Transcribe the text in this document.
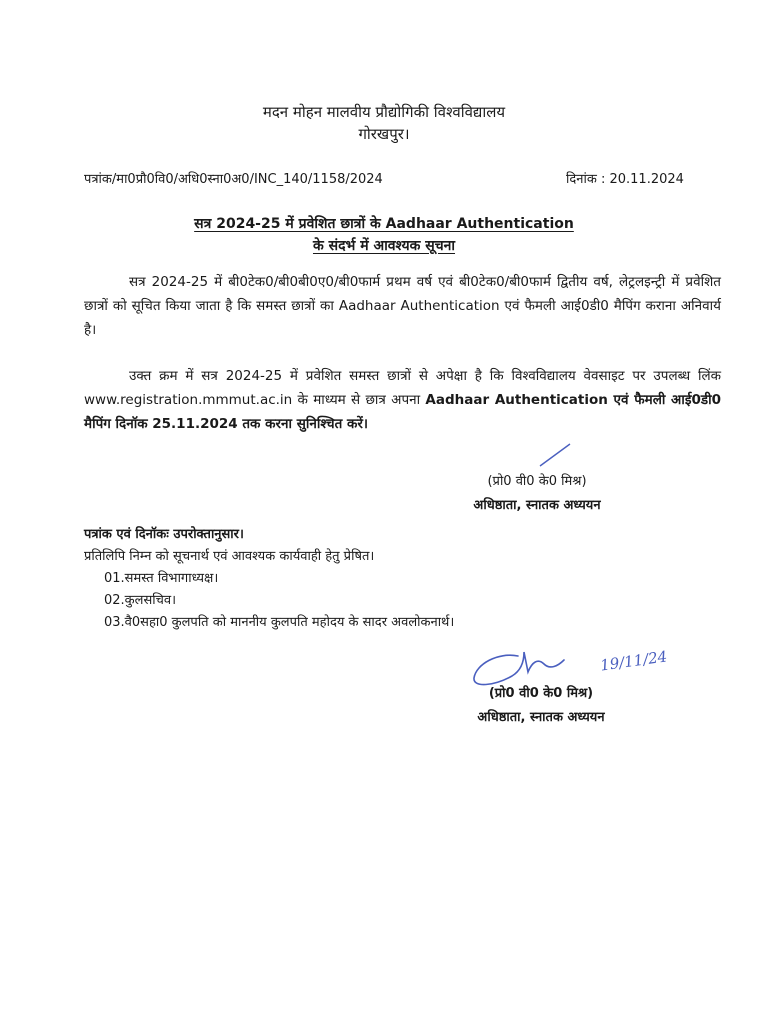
मदन मोहन मालवीय प्रौद्योगिकी विश्वविद्यालय
गोरखपुर।
पत्रांक/मा0प्रौ0वि0/अधि0स्ना0अ0/INC_140/1158/2024	दिनांक : 20.11.2024
सत्र 2024-25 में प्रवेशित छात्रों के Aadhaar Authentication
के संदर्भ में आवश्यक सूचना
सत्र 2024-25 में बी0टेक0/बी0बी0ए0/बी0फार्म प्रथम वर्ष एवं बी0टेक0/बी0फार्म द्वितीय वर्ष, लेट्रलइन्ट्री में प्रवेशित छात्रों को सूचित किया जाता है कि समस्त छात्रों का Aadhaar Authentication एवं फैमली आई0डी0 मैपिंग कराना अनिवार्य है।
उक्त क्रम में सत्र 2024-25 में प्रवेशित समस्त छात्रों से अपेक्षा है कि विश्वविद्यालय वेवसाइट पर उपलब्ध लिंक www.registration.mmmut.ac.in के माध्यम से छात्र अपना Aadhaar Authentication एवं फैमली आई0डी0 मैपिंग दिनॉक 25.11.2024 तक करना सुनिश्चित करें।
(प्रो0 वी0 के0 मिश्र)
अधिष्ठाता, स्नातक अध्ययन
पत्रांक एवं दिनॉकः उपरोक्तानुसार।
प्रतिलिपि निम्न को सूचनार्थ एवं आवश्यक कार्यवाही हेतु प्रेषित।
01.समस्त विभागाध्यक्ष।
02.कुलसचिव।
03.वै0सहा0 कुलपति को माननीय कुलपति महोदय के सादर अवलोकनार्थ।
19/11/24
(प्रो0 वी0 के0 मिश्र)
अधिष्ठाता, स्नातक अध्ययन
